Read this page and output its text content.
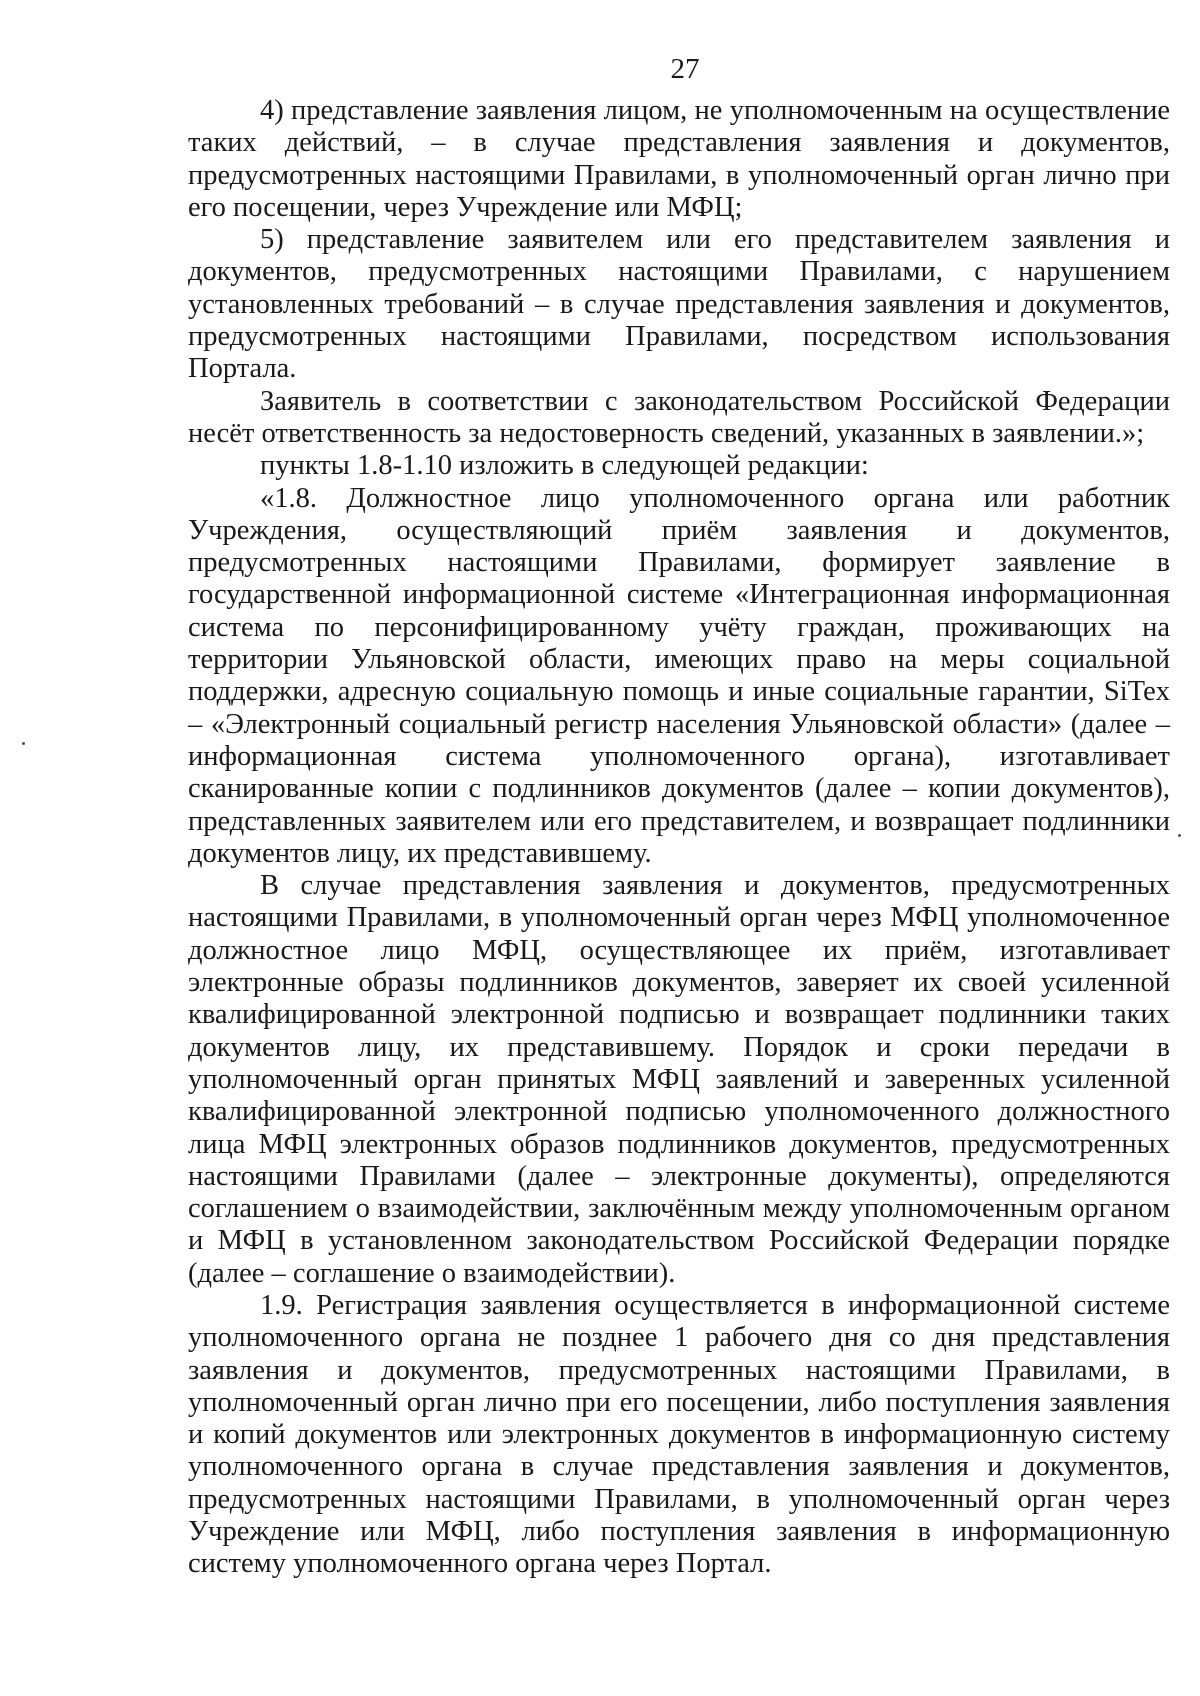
27

4) представление заявления лицом, не уполномоченным на осуществление таких действий, – в случае представления заявления и документов, предусмотренных настоящими Правилами, в уполномоченный орган лично при его посещении, через Учреждение или МФЦ;

5) представление заявителем или его представителем заявления и документов, предусмотренных настоящими Правилами, с нарушением установленных требований – в случае представления заявления и документов, предусмотренных настоящими Правилами, посредством использования Портала.

Заявитель в соответствии с законодательством Российской Федерации несёт ответственность за недостоверность сведений, указанных в заявлении.»;

пункты 1.8-1.10 изложить в следующей редакции:

«1.8. Должностное лицо уполномоченного органа или работник Учреждения, осуществляющий приём заявления и документов, предусмотренных настоящими Правилами, формирует заявление в государственной информационной системе «Интеграционная информационная система по персонифицированному учёту граждан, проживающих на территории Ульяновской области, имеющих право на меры социальной поддержки, адресную социальную помощь и иные социальные гарантии, SiTex – «Электронный социальный регистр населения Ульяновской области» (далее – информационная система уполномоченного органа), изготавливает сканированные копии с подлинников документов (далее – копии документов), представленных заявителем или его представителем, и возвращает подлинники документов лицу, их представившему.

В случае представления заявления и документов, предусмотренных настоящими Правилами, в уполномоченный орган через МФЦ уполномоченное должностное лицо МФЦ, осуществляющее их приём, изготавливает электронные образы подлинников документов, заверяет их своей усиленной квалифицированной электронной подписью и возвращает подлинники таких документов лицу, их представившему. Порядок и сроки передачи в уполномоченный орган принятых МФЦ заявлений и заверенных усиленной квалифицированной электронной подписью уполномоченного должностного лица МФЦ электронных образов подлинников документов, предусмотренных настоящими Правилами (далее – электронные документы), определяются соглашением о взаимодействии, заключённым между уполномоченным органом и МФЦ в установленном законодательством Российской Федерации порядке (далее – соглашение о взаимодействии).

1.9. Регистрация заявления осуществляется в информационной системе уполномоченного органа не позднее 1 рабочего дня со дня представления заявления и документов, предусмотренных настоящими Правилами, в уполномоченный орган лично при его посещении, либо поступления заявления и копий документов или электронных документов в информационную систему уполномоченного органа в случае представления заявления и документов, предусмотренных настоящими Правилами, в уполномоченный орган через Учреждение или МФЦ, либо поступления заявления в информационную систему уполномоченного органа через Портал.
